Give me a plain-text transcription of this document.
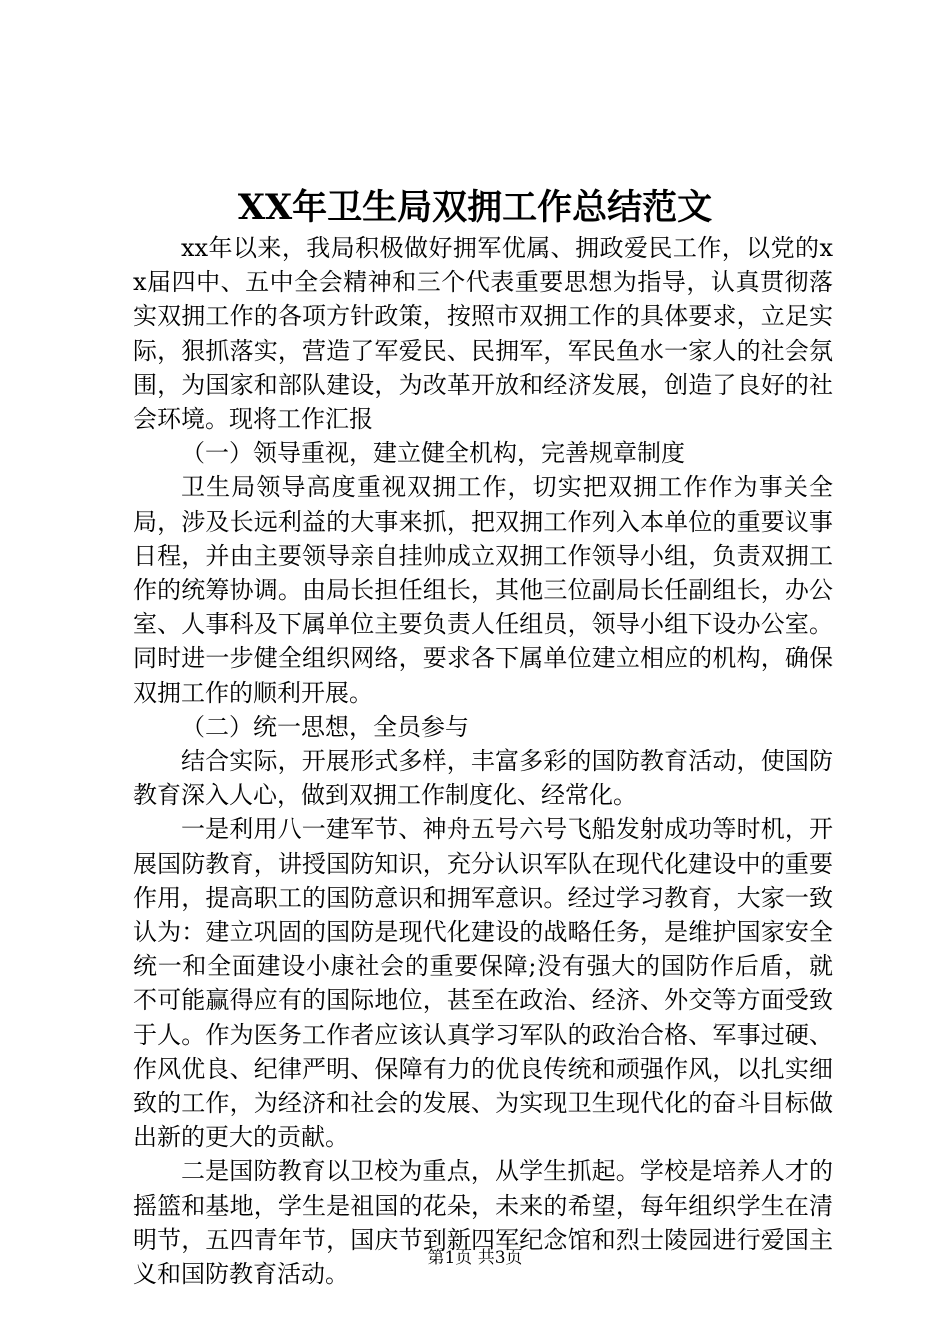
XX年卫生局双拥工作总结范文

xx年以来，我局积极做好拥军优属、拥政爱民工作，以党的xx届四中、五中全会精神和三个代表重要思想为指导，认真贯彻落实双拥工作的各项方针政策，按照市双拥工作的具体要求，立足实际，狠抓落实，营造了军爱民、民拥军，军民鱼水一家人的社会氛围，为国家和部队建设，为改革开放和经济发展，创造了良好的社会环境。现将工作汇报

（一）领导重视，建立健全机构，完善规章制度

卫生局领导高度重视双拥工作，切实把双拥工作作为事关全局，涉及长远利益的大事来抓，把双拥工作列入本单位的重要议事日程，并由主要领导亲自挂帅成立双拥工作领导小组，负责双拥工作的统筹协调。由局长担任组长，其他三位副局长任副组长，办公室、人事科及下属单位主要负责人任组员，领导小组下设办公室。同时进一步健全组织网络，要求各下属单位建立相应的机构，确保双拥工作的顺利开展。

（二）统一思想，全员参与

结合实际，开展形式多样，丰富多彩的国防教育活动，使国防教育深入人心，做到双拥工作制度化、经常化。

一是利用八一建军节、神舟五号六号飞船发射成功等时机，开展国防教育，讲授国防知识，充分认识军队在现代化建设中的重要作用，提高职工的国防意识和拥军意识。经过学习教育，大家一致认为：建立巩固的国防是现代化建设的战略任务，是维护国家安全统一和全面建设小康社会的重要保障;没有强大的国防作后盾，就不可能赢得应有的国际地位，甚至在政治、经济、外交等方面受致于人。作为医务工作者应该认真学习军队的政治合格、军事过硬、作风优良、纪律严明、保障有力的优良传统和顽强作风，以扎实细致的工作，为经济和社会的发展、为实现卫生现代化的奋斗目标做出新的更大的贡献。

二是国防教育以卫校为重点，从学生抓起。学校是培养人才的摇篮和基地，学生是祖国的花朵，未来的希望，每年组织学生在清明节，五四青年节，国庆节到新四军纪念馆和烈士陵园进行爱国主义和国防教育活动。

第1页 共3页
